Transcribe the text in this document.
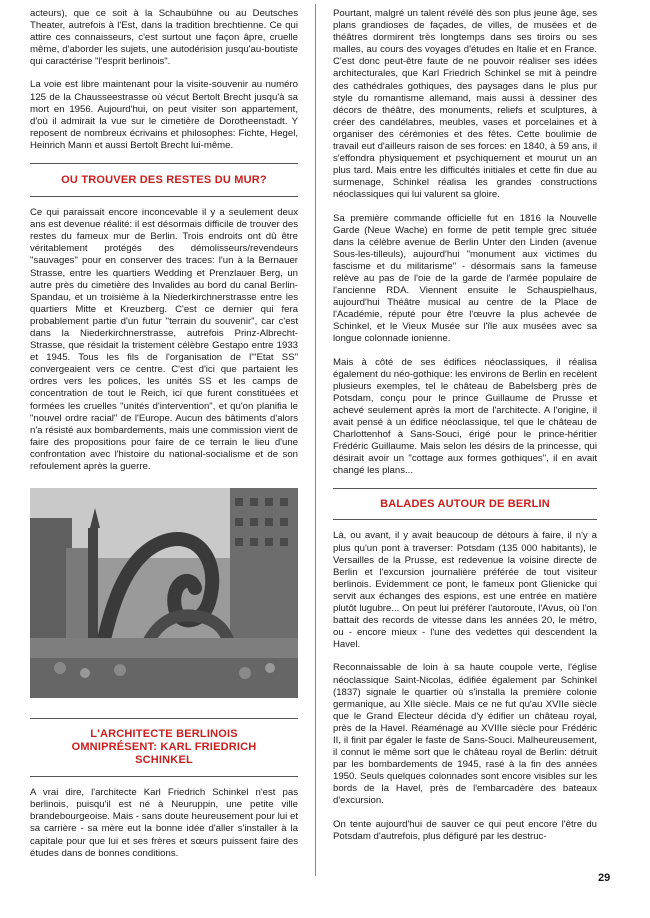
acteurs), que ce soit à la Schaubühne ou au Deutsches Theater, autrefois à l'Est, dans la tradition brechtienne. Ce qui attire ces connaisseurs, c'est surtout une façon âpre, cruelle même, d'aborder les sujets, une autodérision jusqu'au-boutiste qui caractérise "l'esprit berlinois".

La voie est libre maintenant pour la visite-souvenir au numéro 125 de la Chausseestrasse où vécut Bertolt Brecht jusqu'à sa mort en 1956. Aujourd'hui, on peut visiter son appartement, d'où il admirait la vue sur le cimetière de Dorotheenstadt. Y reposent de nombreux écrivains et philosophes: Fichte, Hegel, Heinrich Mann et aussi Bertolt Brecht lui-même.

OU TROUVER DES RESTES DU MUR?

Ce qui paraissait encore inconcevable il y a seulement deux ans est devenue réalité: il est désormais difficile de trouver des restes du fameux mur de Berlin. Trois endroits ont dû être véritablement protégés des démolisseurs/revendeurs "sauvages" pour en conserver des traces: l'un à la Bernauer Strasse, entre les quartiers Wedding et Prenzlauer Berg, un autre près du cimetière des Invalides au bord du canal Berlin-Spandau, et un troisième à la Niederkirchnerstrasse entre les quartiers Mitte et Kreuzberg. C'est ce dernier qui fera probablement partie d'un futur "terrain du souvenir", car c'est dans la Niederkirchnerstrasse, autrefois Prinz-Albrecht-Strasse, que résidait la tristement célèbre Gestapo entre 1933 et 1945. Tous les fils de l'organisation de l'"Etat SS" convergeaient vers ce centre. C'est d'ici que partaient les ordres vers les polices, les unités SS et les camps de concentration de tout le Reich, ici que furent constituées et formées les cruelles "unités d'intervention", et qu'on planifia le "nouvel ordre racial" de l'Europe. Aucun des bâtiments d'alors n'a résisté aux bombardements, mais une commission vient de faire des propositions pour faire de ce terrain le lieu d'une confrontation avec l'histoire du national-socialisme et de son refoulement après la guerre.

L'ARCHITECTE BERLINOIS
OMNIPRÉSENT: KARL FRIEDRICH
SCHINKEL

A vrai dire, l'architecte Karl Friedrich Schinkel n'est pas berlinois, puisqu'il est né à Neuruppin, une petite ville brandebourgeoise. Mais - sans doute heureusement pour lui et sa carrière - sa mère eut la bonne idée d'aller s'installer à la capitale pour que lui et ses frères et sœurs puissent faire des études dans de bonnes conditions.

Pourtant, malgré un talent révélé dès son plus jeune âge, ses plans grandioses de façades, de villes, de musées et de théâtres dormirent très longtemps dans ses tiroirs ou ses malles, au cours des voyages d'études en Italie et en France. C'est donc peut-être faute de ne pouvoir réaliser ses idées architecturales, que Karl Friedrich Schinkel se mit à peindre des cathédrales gothiques, des paysages dans le plus pur style du romantisme allemand, mais aussi à dessiner des décors de théâtre, des monuments, reliefs et sculptures, à créer des candélabres, meubles, vases et porcelaines et à organiser des cérémonies et des fêtes. Cette boulimie de travail eut d'ailleurs raison de ses forces: en 1840, à 59 ans, il s'effondra physiquement et psychiquement et mourut un an plus tard. Mais entre les difficultés initiales et cette fin due au surmenage, Schinkel réalisa les grandes constructions néoclassiques qui lui valurent sa gloire.

Sa première commande officielle fut en 1816 la Nouvelle Garde (Neue Wache) en forme de petit temple grec située dans la célèbre avenue de Berlin Unter den Linden (avenue Sous-les-tilleuls), aujourd'hui "monument aux victimes du fascisme et du militarisme" - désormais sans la fameuse relève au pas de l'oie de la garde de l'armée populaire de l'ancienne RDA. Viennent ensuite le Schauspielhaus, aujourd'hui Théâtre musical au centre de la Place de l'Académie, réputé pour être l'œuvre la plus achevée de Schinkel, et le Vieux Musée sur l'île aux musées avec sa longue colonnade ionienne.

Mais à côté de ses édifices néoclassiques, il réalisa également du néo-gothique: les environs de Berlin en recèlent plusieurs exemples, tel le château de Babelsberg près de Potsdam, conçu pour le prince Guillaume de Prusse et achevé seulement après la mort de l'architecte. A l'origine, il avait pensé à un édifice néoclassique, tel que le château de Charlottenhof à Sans-Souci, érigé pour le prince-héritier Frédéric Guillaume. Mais selon les désirs de la princesse, qui désirait avoir un "cottage aux formes gothiques", il en avait changé les plans...

BALADES AUTOUR DE BERLIN

Là, ou avant, il y avait beaucoup de détours à faire, il n'y a plus qu'un pont à traverser: Potsdam (135 000 habitants), le Versailles de la Prusse, est redevenue la voisine directe de Berlin et l'excursion journalière préférée de tout visiteur berlinois. Evidemment ce pont, le fameux pont Glienicke qui servit aux échanges des espions, est une entrée en matière plutôt lugubre... On peut lui préférer l'autoroute, l'Avus, où l'on battait des records de vitesse dans les années 20, le métro, ou - encore mieux - l'une des vedettes qui descendent la Havel.

Reconnaissable de loin à sa haute coupole verte, l'église néoclassique Saint-Nicolas, édifiée également par Schinkel (1837) signale le quartier où s'installa la première colonie germanique, au XIIe siècle. Mais ce ne fut qu'au XVIIe siècle que le Grand Electeur décida d'y édifier un château royal, près de la Havel. Réaménagé au XVIIIe siècle pour Frédéric II, il finit par égaler le faste de Sans-Souci. Malheureusement, il connut le même sort que le château royal de Berlin: détruit par les bombardements de 1945, rasé à la fin des années 1950. Seuls quelques colonnades sont encore visibles sur les bords de la Havel, près de l'embarcadère des bateaux d'excursion.

On tente aujourd'hui de sauver ce qui peut encore l'être du Potsdam d'autrefois, plus défiguré par les destruc-

29
